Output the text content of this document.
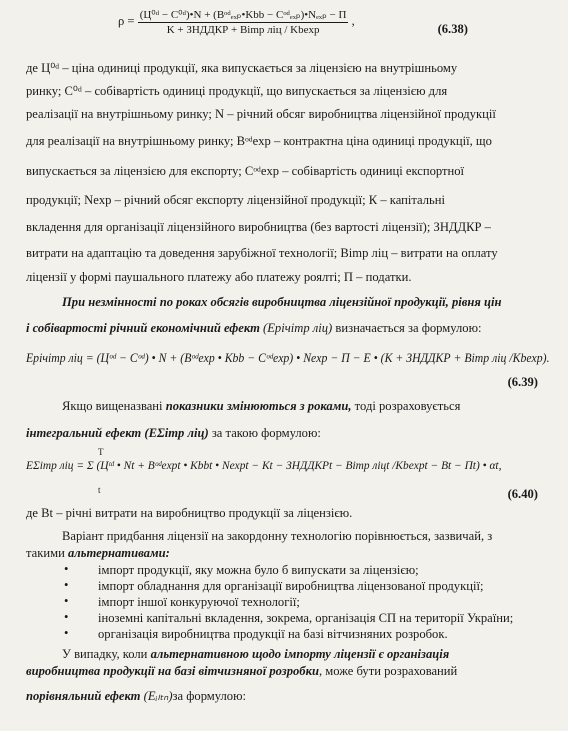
$\rho = \frac{\text{(Ц⁰ᵈ − С⁰ᵈ)•N + (Bᵒᵈₑₓₚ•Kbb − Cᵒᵈₑₓₚ)•Nₑₓₚ − П}}{\text{K + ЗНДДКР + Bimp ліц / Kbexp}}$ ,
(6.38)
де Ц⁰ᵈ – ціна одиниці продукції, яка випускається за ліцензією на внутрішньому
ринку; С⁰ᵈ – собівартість одиниці продукції, що випускається за ліцензією для
реалізації на внутрішньому ринку; N – річний обсяг виробництва ліцензійної продукції
для реалізації на внутрішньому ринку; Bᵒᵈexp – контрактна ціна одиниці продукції, що
випускається за ліцензією для експорту; Cᵒᵈexp – собівартість одиниці експортної
продукції; Nexp – річний обсяг експорту ліцензійної продукції; К – капітальні
вкладення для організації ліцензійного виробництва (без вартості ліцензії); ЗНДДКР –
витрати на адаптацію та доведення зарубіжної технології; Bimp ліц – витрати на оплату
ліцензії у формі паушального платежу або платежу роялті; П – податки.
При незмінності по роках обсягів виробництва ліцензійної продукції, рівня цін
і собівартості річний економічний ефект (Eрічimp ліц) визначається за формулою:
Eрічimp ліц = (Цᵒᵈ − Сᵒᵈ) • N + (Bᵒᵈexp • Kbb − Cᵒᵈexp) • Nexp − П − E • (K + ЗНДДКР + Bimp ліц /Kbexp).
(6.39)
Якщо вищеназвані показники змінюються з роками, тоді розраховується
інтегральний ефект (EΣimp ліц) за такою формулою:
T
t
EΣimp ліц = Σ (Цᵗᵈ • Nt + Bᵒᵈexpt • Kbbt • Nexpt − Kt − ЗНДДКРt − Bimp ліцt /Kbexpt − Bt − Пt) • αt,
(6.40)
де Bt – річні витрати на виробництво продукції за ліцензією.
Варіант придбання ліцензії на закордонну технологію порівнюється, зазвичай, з
такими альтернативами:
• імпорт продукції, яку можна було б випускати за ліцензією;
• імпорт обладнання для організації виробництва ліцензованої продукції;
• імпорт іншої конкуруючої технології;
• іноземні капітальні вкладення, зокрема, організація СП на території України;
• організація виробництва продукції на базі вітчизняних розробок.
У випадку, коли альтернативною щодо імпорту ліцензії є організація
виробництва продукції на базі вітчизняної розробки, може бути розрахований
порівняльний ефект (Eᵢₗₜₙ)за формулою:
